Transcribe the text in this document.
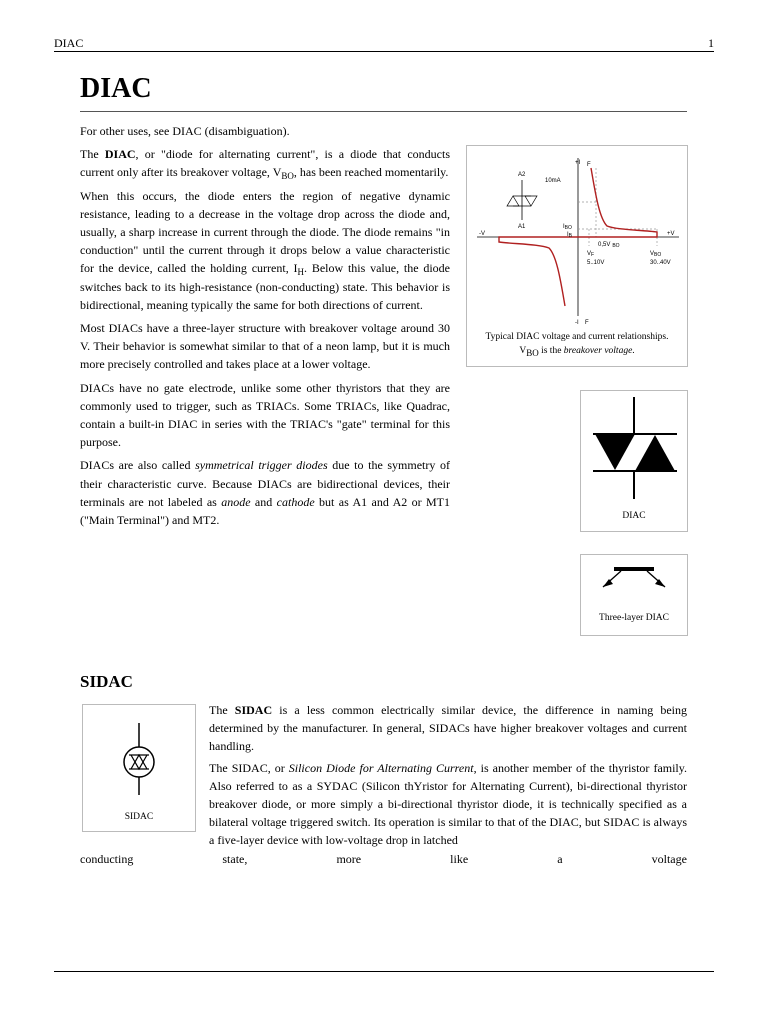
DIAC	1
DIAC

For other uses, see DIAC (disambiguation).

The DIAC, or "diode for alternating current", is a diode that conducts current only after its breakover voltage, $V_{BO}$, has been reached momentarily.

When this occurs, the diode enters the region of negative dynamic resistance, leading to a decrease in the voltage drop across the diode and, usually, a sharp increase in current through the diode. The diode remains "in conduction" until the current through it drops below a value characteristic for the device, called the holding current, $I_H$. Below this value, the diode switches back to its high-resistance (non-conducting) state. This behavior is bidirectional, meaning typically the same for both directions of current.

Most DIACs have a three-layer structure with breakover voltage around 30 V. Their behavior is somewhat similar to that of a neon lamp, but it is much more precisely controlled and takes place at a lower voltage.

DIACs have no gate electrode, unlike some other thyristors that they are commonly used to trigger, such as TRIACs. Some TRIACs, like Quadrac, contain a built-in DIAC in series with the TRIAC's "gate" terminal for this purpose.

DIACs are also called symmetrical trigger diodes due to the symmetry of their characteristic curve. Because DIACs are bidirectional devices, their terminals are not labeled as anode and cathode but as A1 and A2 or MT1 ("Main Terminal") and MT2.

+I F
-I F
+V
-V
A2
A1
10mA
IBO
IB
0,5V BO
VF
5..10V
VBO
30..40V
Typical DIAC voltage and current relationships.
VBO is the breakover voltage.
DIAC
Three-layer DIAC
SIDAC
SIDAC

The SIDAC is a less common electrically similar device, the difference in naming being determined by the manufacturer. In general, SIDACs have higher breakover voltages and current handling.

The SIDAC, or Silicon Diode for Alternating Current, is another member of the thyristor family. Also referred to as a SYDAC (Silicon thYristor for Alternating Current), bi-directional thyristor breakover diode, or more simply a bi-directional thyristor diode, it is technically specified as a bilateral voltage triggered switch. Its operation is similar to that of the DIAC, but SIDAC is always a five-layer device with low-voltage drop in latched

conducting	state,	more	like	a	voltage
